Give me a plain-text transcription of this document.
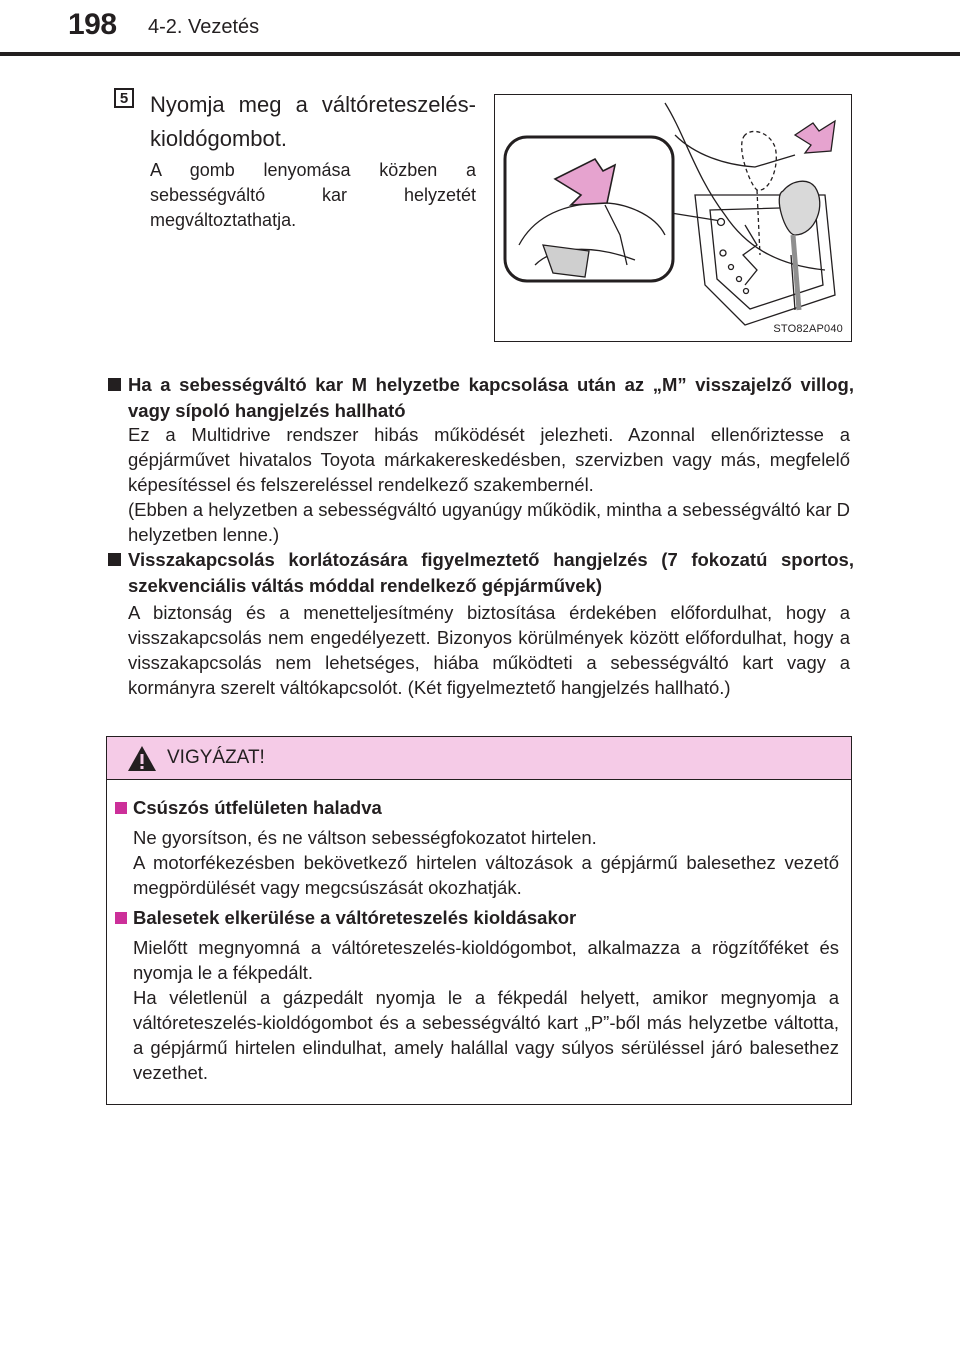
198 4-2. Vezetés
5 Nyomja meg a váltóreteszelés-kioldógombot.
A gomb lenyomása közben a sebességváltó kar helyzetét megváltoztathatja.
STO82AP040
Ha a sebességváltó kar M helyzetbe kapcsolása után az „M” visszajelző villog, vagy sípoló hangjelzés hallható
Ez a Multidrive rendszer hibás működését jelezheti. Azonnal ellenőriztesse a gépjárművet hivatalos Toyota márkakereskedésben, szervizben vagy más, megfelelő képesítéssel és felszereléssel rendelkező szakembernél.
(Ebben a helyzetben a sebességváltó ugyanúgy működik, mintha a sebességváltó kar D helyzetben lenne.)
Visszakapcsolás korlátozására figyelmeztető hangjelzés (7 fokozatú sportos, szekvenciális váltás móddal rendelkező gépjárművek)
A biztonság és a menetteljesítmény biztosítása érdekében előfordulhat, hogy a visszakapcsolás nem engedélyezett. Bizonyos körülmények között előfordulhat, hogy a visszakapcsolás nem lehetséges, hiába működteti a sebességváltó kart vagy a kormányra szerelt váltókapcsolót. (Két figyelmeztető hangjelzés hallható.)
VIGYÁZAT!
Csúszós útfelületen haladva
Ne gyorsítson, és ne váltson sebességfokozatot hirtelen.
A motorfékezésben bekövetkező hirtelen változások a gépjármű balesethez vezető megpördülését vagy megcsúszását okozhatják.
Balesetek elkerülése a váltóreteszelés kioldásakor
Mielőtt megnyomná a váltóreteszelés-kioldógombot, alkalmazza a rögzítőféket és nyomja le a fékpedált.
Ha véletlenül a gázpedált nyomja le a fékpedál helyett, amikor megnyomja a váltóreteszelés-kioldógombot és a sebességváltó kart „P”-ből más helyzetbe váltotta, a gépjármű hirtelen elindulhat, amely halállal vagy súlyos sérüléssel járó balesethez vezethet.
